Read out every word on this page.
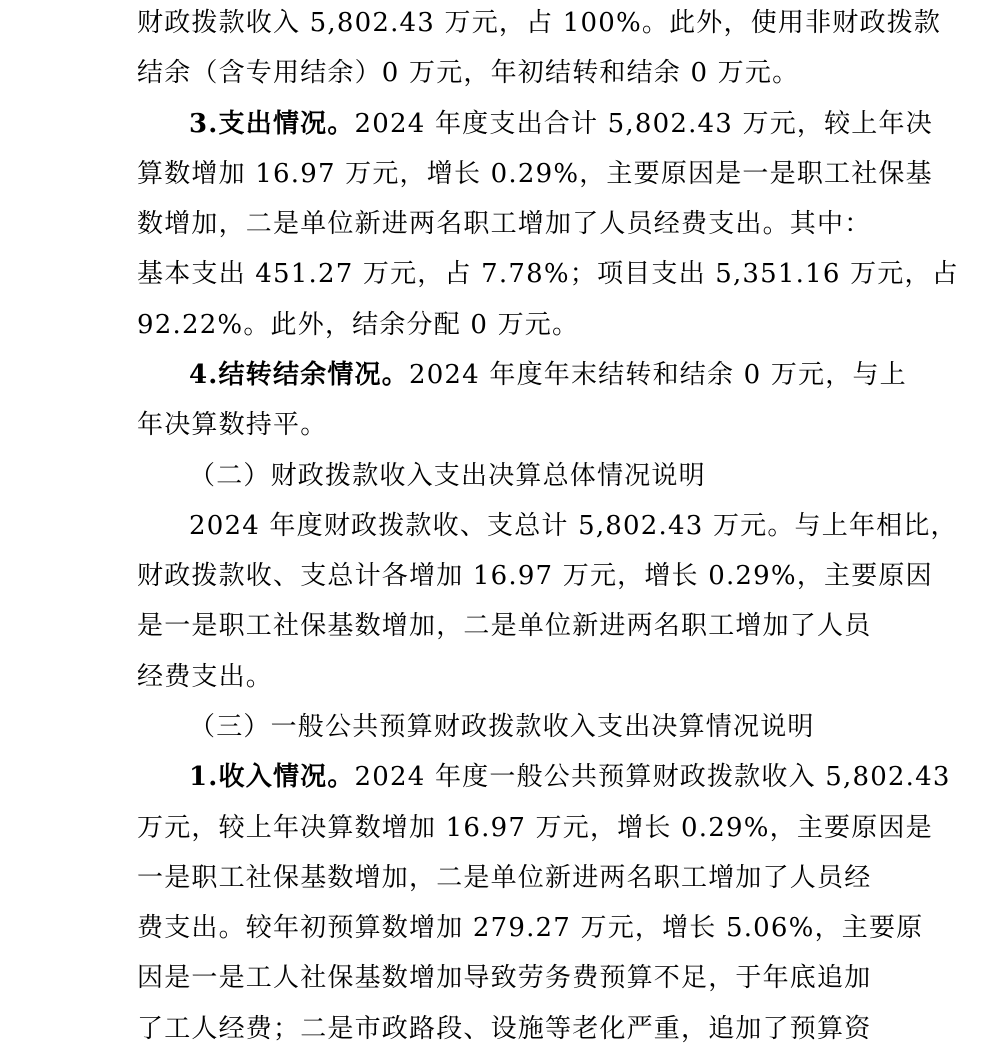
财政拨款收入 5,802.43 万元，占 100%。此外，使用非财政拨款
结余（含专用结余）0 万元，年初结转和结余 0 万元。
3.支出情况。2024 年度支出合计 5,802.43 万元，较上年决
算数增加 16.97 万元，增长 0.29%，主要原因是一是职工社保基
数增加，二是单位新进两名职工增加了人员经费支出。其中：
基本支出 451.27 万元，占 7.78%；项目支出 5,351.16 万元，占
92.22%。此外，结余分配 0 万元。
4.结转结余情况。2024 年度年末结转和结余 0 万元，与上
年决算数持平。
（二）财政拨款收入支出决算总体情况说明
2024 年度财政拨款收、支总计 5,802.43 万元。与上年相比，
财政拨款收、支总计各增加 16.97 万元，增长 0.29%，主要原因
是一是职工社保基数增加，二是单位新进两名职工增加了人员
经费支出。
（三）一般公共预算财政拨款收入支出决算情况说明
1.收入情况。2024 年度一般公共预算财政拨款收入 5,802.43
万元，较上年决算数增加 16.97 万元，增长 0.29%，主要原因是
一是职工社保基数增加，二是单位新进两名职工增加了人员经
费支出。较年初预算数增加 279.27 万元，增长 5.06%，主要原
因是一是工人社保基数增加导致劳务费预算不足，于年底追加
了工人经费；二是市政路段、设施等老化严重，追加了预算资
